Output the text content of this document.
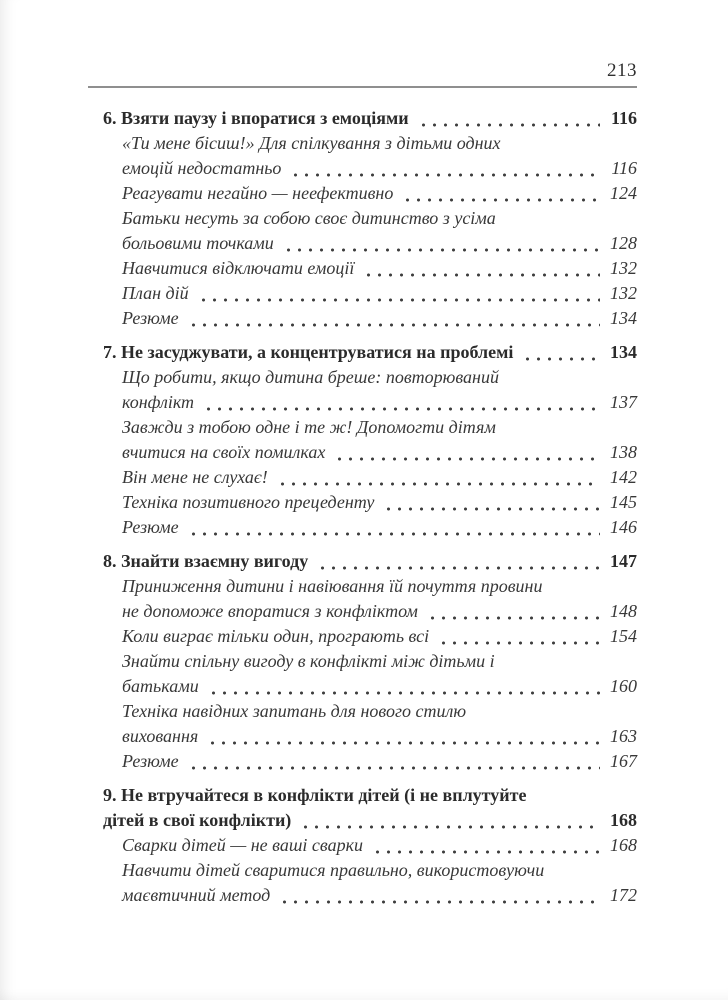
213
6. Взяти паузу і впоратися з емоціями	116
«Ти мене бісиш!» Для спілкування з дітьми одних
емоцій недостатньо	116
Реагувати негайно — неефективно	124
Батьки несуть за собою своє дитинство з усіма
больовими точками	128
Навчитися відключати емоції	132
План дій	132
Резюме	134
7. Не засуджувати, а концентруватися на проблемі	134
Що робити, якщо дитина бреше: повторюваний
конфлікт	137
Завжди з тобою одне і те ж! Допомогти дітям
вчитися на своїх помилках	138
Він мене не слухає!	142
Техніка позитивного прецеденту	145
Резюме	146
8. Знайти взаємну вигоду	147
Приниження дитини і навіювання їй почуття провини
не допоможе впоратися з конфліктом	148
Коли виграє тільки один, програють всі	154
Знайти спільну вигоду в конфлікті між дітьми і
батьками	160
Техніка навідних запитань для нового стилю
виховання	163
Резюме	167
9. Не втручайтеся в конфлікти дітей (і не вплутуйте
дітей в свої конфлікти)	168
Сварки дітей — не ваші сварки	168
Навчити дітей сваритися правильно, використовуючи
маєвтичний метод	172
